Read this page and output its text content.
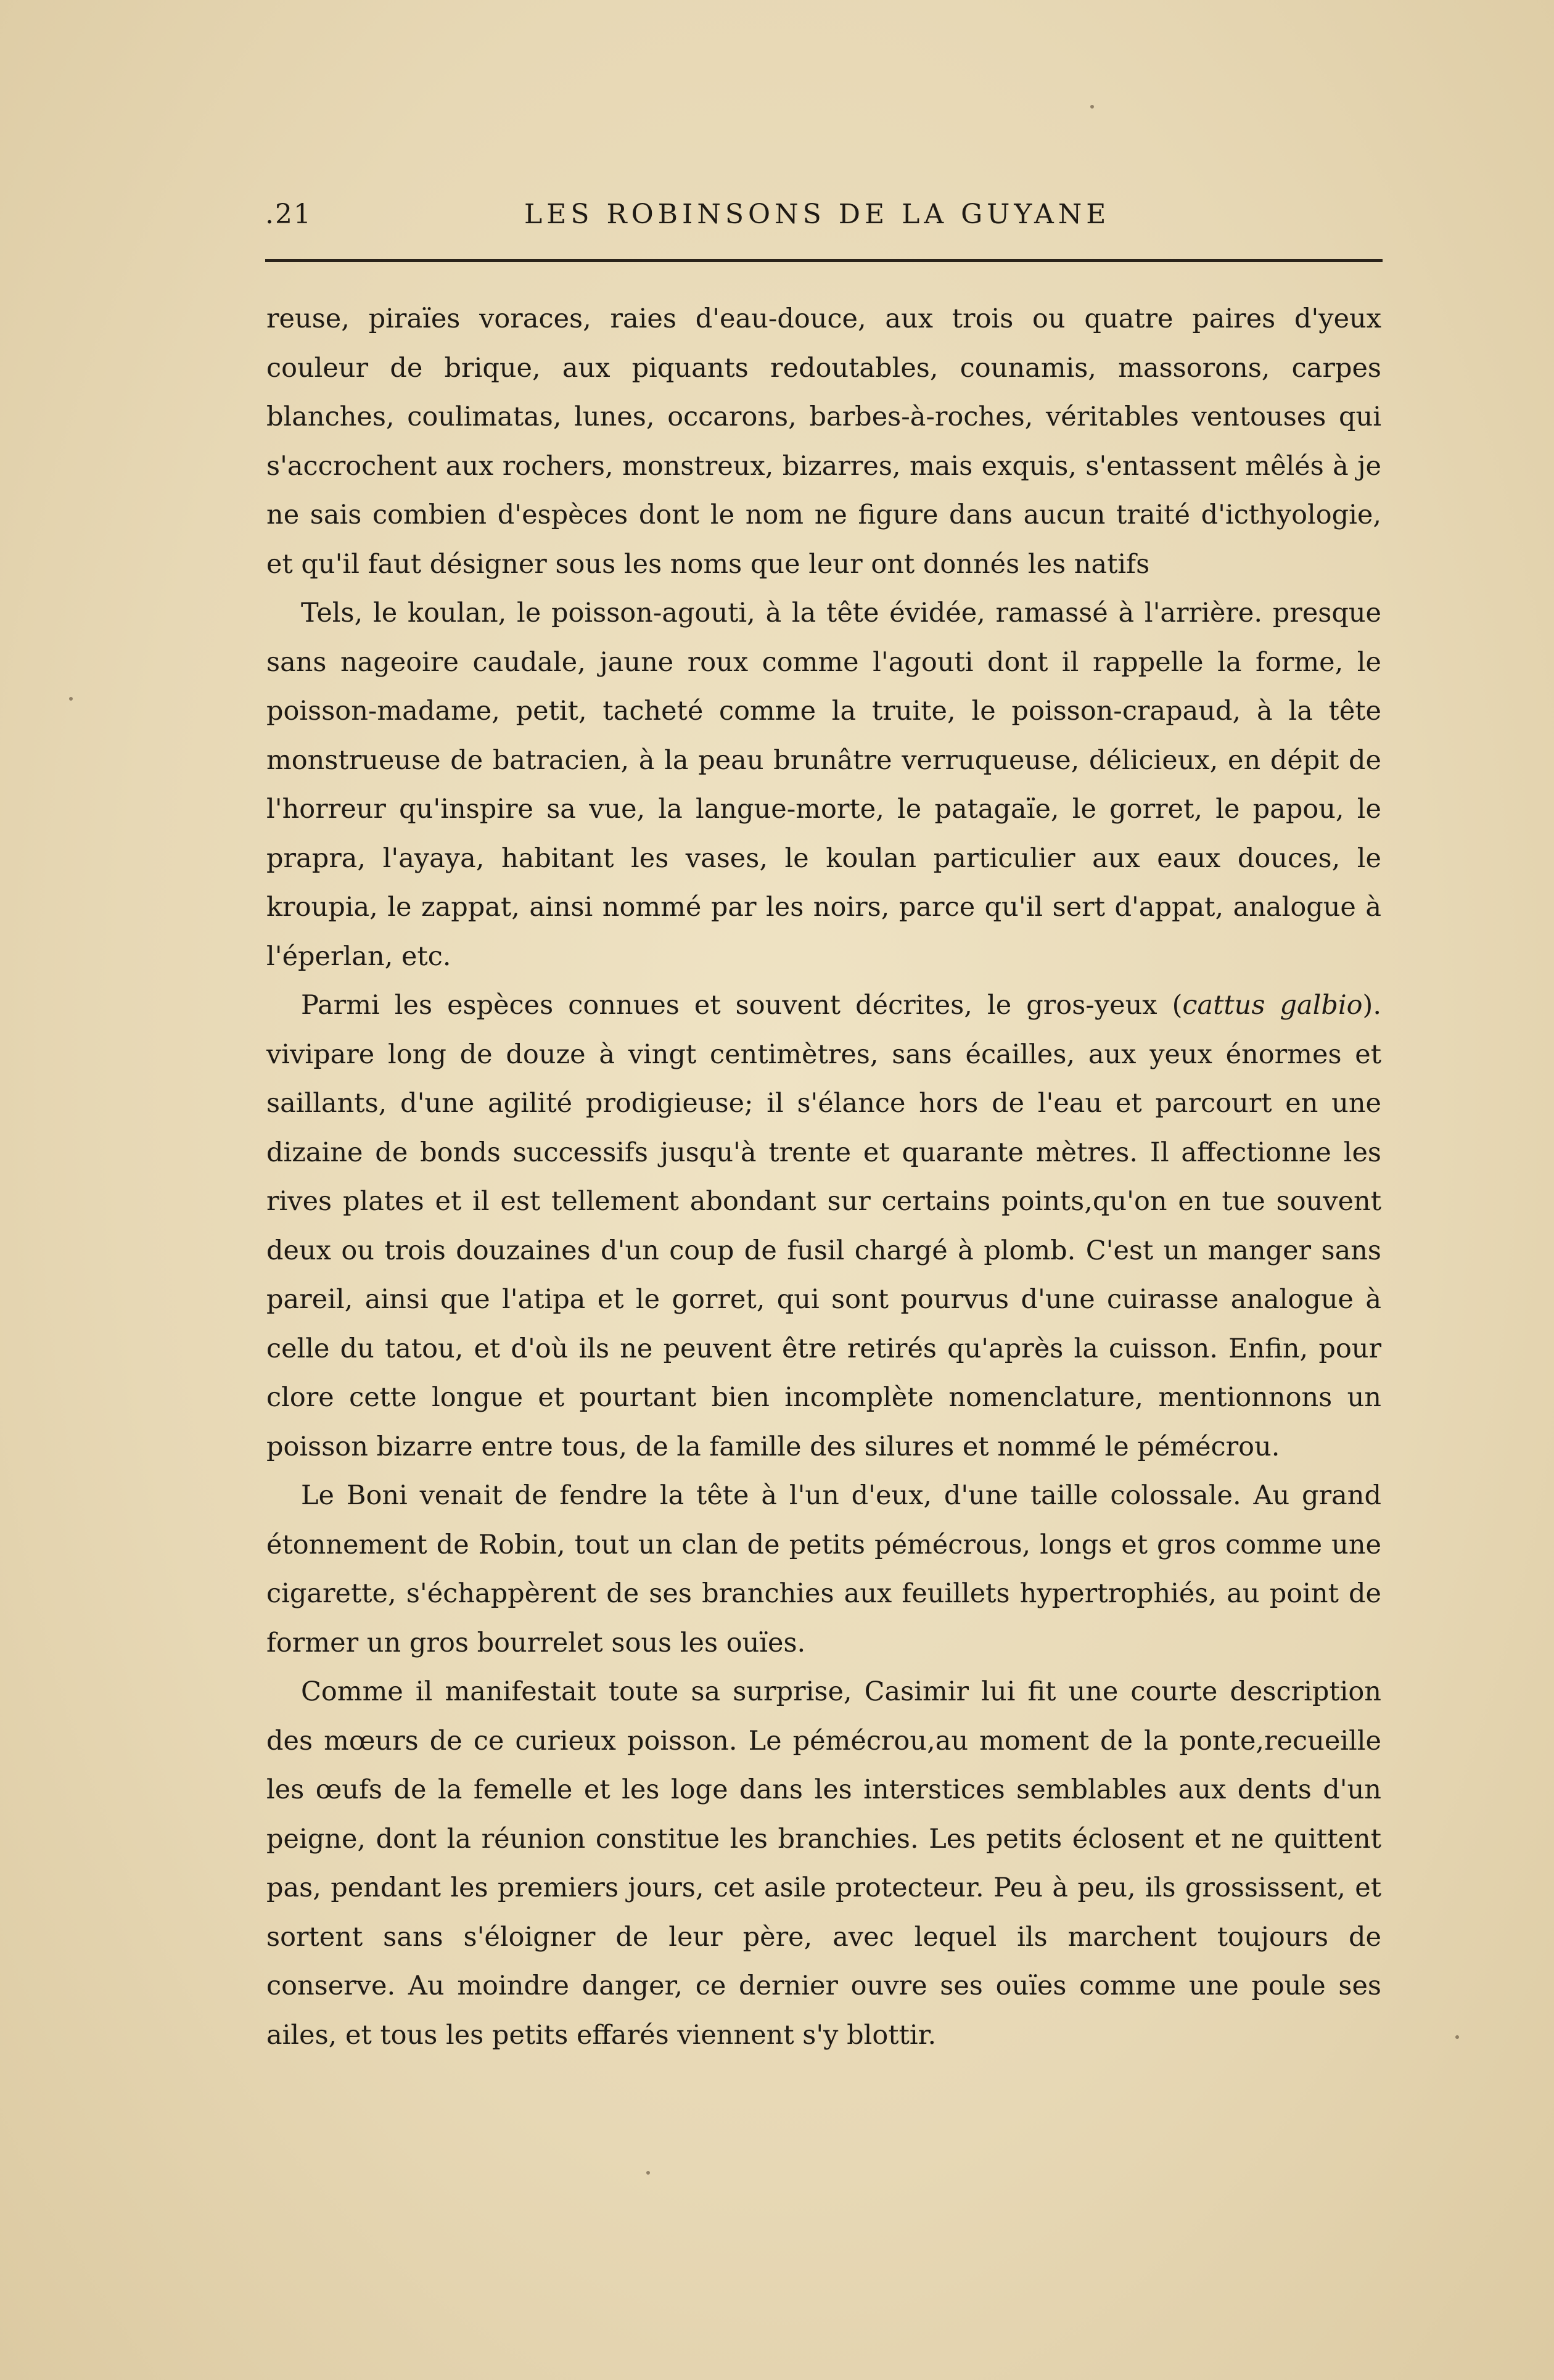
.21	LES ROBINSONS DE LA GUYANE

reuse, piraïes voraces, raies d'eau-douce, aux trois ou quatre paires d'yeux couleur de brique, aux piquants redoutables, counamis, massorons, carpes blanches, coulimatas, lunes, occarons, barbes-à-roches, véritables ventouses qui s'accrochent aux rochers, monstreux, bizarres, mais exquis, s'entassent mêlés à je ne sais combien d'espèces dont le nom ne figure dans aucun traité d'icthyologie, et qu'il faut désigner sous les noms que leur ont donnés les natifs

Tels, le koulan, le poisson-agouti, à la tête évidée, ramassé à l'arrière. presque sans nageoire caudale, jaune roux comme l'agouti dont il rappelle la forme, le poisson-madame, petit, tacheté comme la truite, le poisson-crapaud, à la tête monstrueuse de batracien, à la peau brunâtre verruqueuse, délicieux, en dépit de l'horreur qu'inspire sa vue, la langue-morte, le patagaïe, le gorret, le papou, le prapra, l'ayaya, habitant les vases, le koulan particulier aux eaux douces, le kroupia, le zappat, ainsi nommé par les noirs, parce qu'il sert d'appat, analogue à l'éperlan, etc.

Parmi les espèces connues et souvent décrites, le gros-yeux (cattus galbio). vivipare long de douze à vingt centimètres, sans écailles, aux yeux énormes et saillants, d'une agilité prodigieuse; il s'élance hors de l'eau et parcourt en une dizaine de bonds successifs jusqu'à trente et quarante mètres. Il affectionne les rives plates et il est tellement abondant sur certains points,qu'on en tue souvent deux ou trois douzaines d'un coup de fusil chargé à plomb. C'est un manger sans pareil, ainsi que l'atipa et le gorret, qui sont pourvus d'une cuirasse analogue à celle du tatou, et d'où ils ne peuvent être retirés qu'après la cuisson. Enfin, pour clore cette longue et pourtant bien incomplète nomenclature, mentionnons un poisson bizarre entre tous, de la famille des silures et nommé le pémécrou.

Le Boni venait de fendre la tête à l'un d'eux, d'une taille colossale. Au grand étonnement de Robin, tout un clan de petits pémécrous, longs et gros comme une cigarette, s'échappèrent de ses branchies aux feuillets hypertrophiés, au point de former un gros bourrelet sous les ouïes.

Comme il manifestait toute sa surprise, Casimir lui fit une courte description des mœurs de ce curieux poisson. Le pémécrou,au moment de la ponte,recueille les œufs de la femelle et les loge dans les interstices semblables aux dents d'un peigne, dont la réunion constitue les branchies. Les petits éclosent et ne quittent pas, pendant les premiers jours, cet asile protecteur. Peu à peu, ils grossissent, et sortent sans s'éloigner de leur père, avec lequel ils marchent toujours de conserve. Au moindre danger, ce dernier ouvre ses ouïes comme une poule ses ailes, et tous les petits effarés viennent s'y blottir.
